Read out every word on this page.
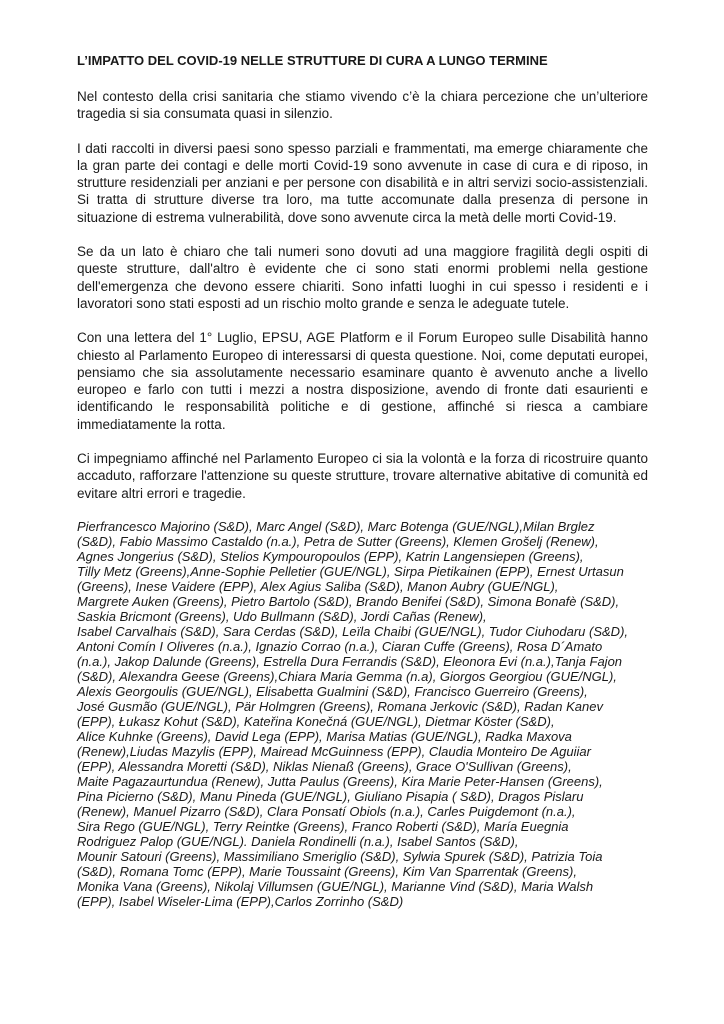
L’IMPATTO DEL COVID-19 NELLE STRUTTURE DI CURA A LUNGO TERMINE

Nel contesto della crisi sanitaria che stiamo vivendo c’è la chiara percezione che un’ulteriore tragedia si sia consumata quasi in silenzio.

I dati raccolti in diversi paesi sono spesso parziali e frammentati, ma emerge chiaramente che la gran parte dei contagi e delle morti Covid-19 sono avvenute in case di cura e di riposo, in strutture residenziali per anziani e per persone con disabilità e in altri servizi socio-assistenziali. Si tratta di strutture diverse tra loro, ma tutte accomunate dalla presenza di persone in situazione di estrema vulnerabilità, dove sono avvenute circa la metà delle morti Covid-19.

Se da un lato è chiaro che tali numeri sono dovuti ad una maggiore fragilità degli ospiti di queste strutture, dall'altro è evidente che ci sono stati enormi problemi nella gestione dell'emergenza che devono essere chiariti. Sono infatti luoghi in cui spesso i residenti e i lavoratori sono stati esposti ad un rischio molto grande e senza le adeguate tutele.

Con una lettera del 1° Luglio, EPSU, AGE Platform e il Forum Europeo sulle Disabilità hanno chiesto al Parlamento Europeo di interessarsi di questa questione. Noi, come deputati europei, pensiamo che sia assolutamente necessario esaminare quanto è avvenuto anche a livello europeo e farlo con tutti i mezzi a nostra disposizione, avendo di fronte dati esaurienti e identificando le responsabilità politiche e di gestione, affinché si riesca a cambiare immediatamente la rotta.

Ci impegniamo affinché nel Parlamento Europeo ci sia la volontà e la forza di ricostruire quanto accaduto, rafforzare l'attenzione su queste strutture, trovare alternative abitative di comunità ed evitare altri errori e tragedie.

Pierfrancesco Majorino (S&D), Marc Angel (S&D), Marc Botenga (GUE/NGL),Milan Brglez
(S&D), Fabio Massimo Castaldo (n.a.), Petra de Sutter (Greens), Klemen Grošelj (Renew),
Agnes Jongerius (S&D), Stelios Kympouropoulos (EPP), Katrin Langensiepen (Greens),
Tilly Metz (Greens),Anne-Sophie Pelletier (GUE/NGL), Sirpa Pietikainen (EPP), Ernest Urtasun
(Greens), Inese Vaidere (EPP), Alex Agius Saliba (S&D), Manon Aubry (GUE/NGL),
Margrete Auken (Greens), Pietro Bartolo (S&D), Brando Benifei (S&D), Simona Bonafè (S&D),
Saskia Bricmont (Greens), Udo Bullmann (S&D), Jordi Cañas (Renew),
Isabel Carvalhais (S&D), Sara Cerdas (S&D), Leïla Chaibi (GUE/NGL), Tudor Ciuhodaru (S&D),
Antoni Comín I Oliveres (n.a.), Ignazio Corrao (n.a.), Ciaran Cuffe (Greens), Rosa D´Amato
(n.a.), Jakop Dalunde (Greens), Estrella Dura Ferrandis (S&D), Eleonora Evi (n.a.),Tanja Fajon
(S&D), Alexandra Geese (Greens),Chiara Maria Gemma (n.a), Giorgos Georgiou (GUE/NGL),
Alexis Georgoulis (GUE/NGL), Elisabetta Gualmini (S&D), Francisco Guerreiro (Greens),
José Gusmão (GUE/NGL), Pär Holmgren (Greens), Romana Jerkovic (S&D), Radan Kanev
(EPP), Łukasz Kohut (S&D), Kateřina Konečná (GUE/NGL), Dietmar Köster (S&D),
Alice Kuhnke (Greens), David Lega (EPP), Marisa Matias (GUE/NGL), Radka Maxova
(Renew),Liudas Mazylis (EPP), Mairead McGuinness (EPP), Claudia Monteiro De Aguiiar
(EPP), Alessandra Moretti (S&D), Niklas Nienaß (Greens), Grace O'Sullivan (Greens),
Maite Pagazaurtundua (Renew), Jutta Paulus (Greens), Kira Marie Peter-Hansen (Greens),
Pina Picierno (S&D), Manu Pineda (GUE/NGL), Giuliano Pisapia ( S&D), Dragos Pislaru
(Renew), Manuel Pizarro (S&D), Clara Ponsatí Obiols (n.a.), Carles Puigdemont (n.a.),
Sira Rego (GUE/NGL), Terry Reintke (Greens), Franco Roberti (S&D), María Euegnia
Rodriguez Palop (GUE/NGL). Daniela Rondinelli (n.a.), Isabel Santos (S&D),
Mounir Satouri (Greens), Massimiliano Smeriglio (S&D), Sylwia Spurek (S&D), Patrizia Toia
(S&D), Romana Tomc (EPP), Marie Toussaint (Greens), Kim Van Sparrentak (Greens),
Monika Vana (Greens), Nikolaj Villumsen (GUE/NGL), Marianne Vind (S&D), Maria Walsh
(EPP), Isabel Wiseler-Lima (EPP),Carlos Zorrinho (S&D)
